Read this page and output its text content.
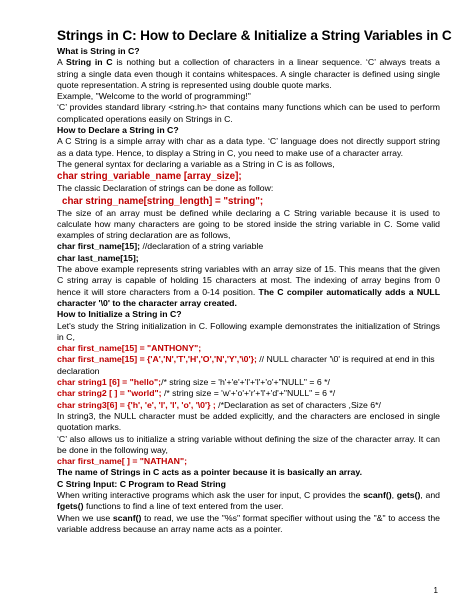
Strings in C: How to Declare & Initialize a String Variables in C

What is String in C?

A String in C is nothing but a collection of characters in a linear sequence. ‘C’ always treats a string a single data even though it contains whitespaces. A single character is defined using single quote representation. A string is represented using double quote marks.

Example, "Welcome to the world of programming!"

‘C’ provides standard library <string.h> that contains many functions which can be used to perform complicated operations easily on Strings in C.

How to Declare a String in C?

A C String is a simple array with char as a data type. ‘C’ language does not directly support string as a data type. Hence, to display a String in C, you need to make use of a character array.

The general syntax for declaring a variable as a String in C is as follows,

char string_variable_name [array_size];

The classic Declaration of strings can be done as follow:

char string_name[string_length] = "string";

The size of an array must be defined while declaring a C String variable because it is used to calculate how many characters are going to be stored inside the string variable in C. Some valid examples of string declaration are as follows,

char first_name[15]; //declaration of a string variable

char last_name[15];

The above example represents string variables with an array size of 15. This means that the given C string array is capable of holding 15 characters at most. The indexing of array begins from 0 hence it will store characters from a 0-14 position. The C compiler automatically adds a NULL character '\0' to the character array created.

How to Initialize a String in C?

Let's study the String initialization in C. Following example demonstrates the initialization of Strings in C,

char first_name[15] = "ANTHONY";

char first_name[15] = {'A','N','T','H','O','N','Y','\0'}; // NULL character '\0' is required at end in this declaration

char string1 [6] = "hello";/* string size = 'h'+'e'+'l'+'l'+'o'+"NULL" = 6 */

char string2 [ ] = "world"; /* string size = 'w'+'o'+'r'+'l'+'d'+"NULL" = 6 */

char string3[6] = {'h', 'e', 'l', 'l', 'o', '\0'} ; /*Declaration as set of characters ,Size 6*/

In string3, the NULL character must be added explicitly, and the characters are enclosed in single quotation marks.

‘C’ also allows us to initialize a string variable without defining the size of the character array. It can be done in the following way,

char first_name[ ] = "NATHAN";

The name of Strings in C acts as a pointer because it is basically an array.

C String Input: C Program to Read String

When writing interactive programs which ask the user for input, C provides the scanf(), gets(), and fgets() functions to find a line of text entered from the user.

When we use scanf() to read, we use the "%s" format specifier without using the "&" to access the variable address because an array name acts as a pointer.

1
